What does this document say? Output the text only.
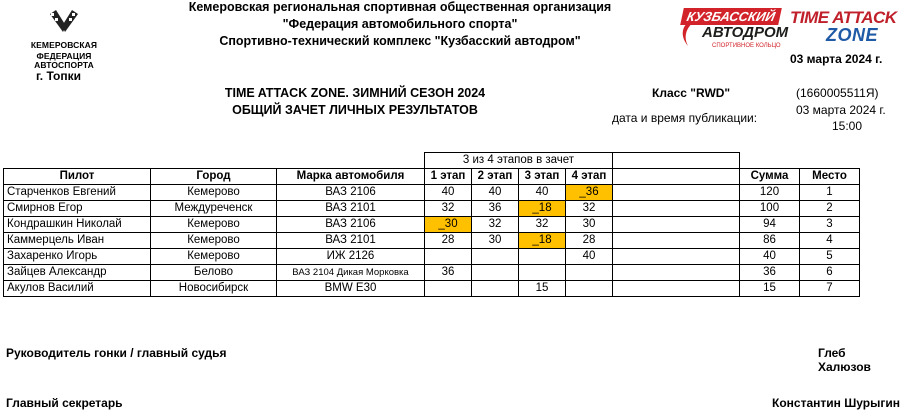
КЕМЕРОВСКАЯ
ФЕДЕРАЦИЯ АВТОСПОРТА
КУЗБАССКИЙ
АВТОДРОМ
СПОРТИВНОЕ КОЛЬЦО
TIME ATTACK
ZONE
Кемеровская региональная спортивная общественная организация
"Федерация автомобильного спорта"
Спортивно-технический комплекс "Кузбасский автодром"
03 марта 2024 г.
г. Топки
TIME ATTACK ZONE. ЗИМНИЙ СЕЗОН 2024
ОБЩИЙ ЗАЧЕТ ЛИЧНЫХ РЕЗУЛЬТАТОВ
Класс "RWD"	(1660005511Я)
дата и время публикации:
03 марта 2024 г.
15:00
			3 из 4 этапов в зачет						
Пилот	Город	Марка автомобиля	1 этап	2 этап	3 этап	4 этап		Сумма	Место
Старченков Евгений	Кемерово	ВАЗ 2106	40	40	40	_36		120	1
Смирнов Егор	Междуреченск	ВАЗ 2101	32	36	_18	32		100	2
Кондрашкин Николай	Кемерово	ВАЗ 2106	_30	32	32	30		94	3
Каммерцель Иван	Кемерово	ВАЗ 2101	28	30	_18	28		86	4
Захаренко Игорь	Кемерово	ИЖ 2126				40		40	5
Зайцев Александр	Белово	ВАЗ 2104 Дикая Морковка	36					36	6
Акулов Василий	Новосибирск	BMW E30			15			15	7
Руководитель гонки / главный судья	Глеб Халюзов
Главный секретарь	Константин Шурыгин
